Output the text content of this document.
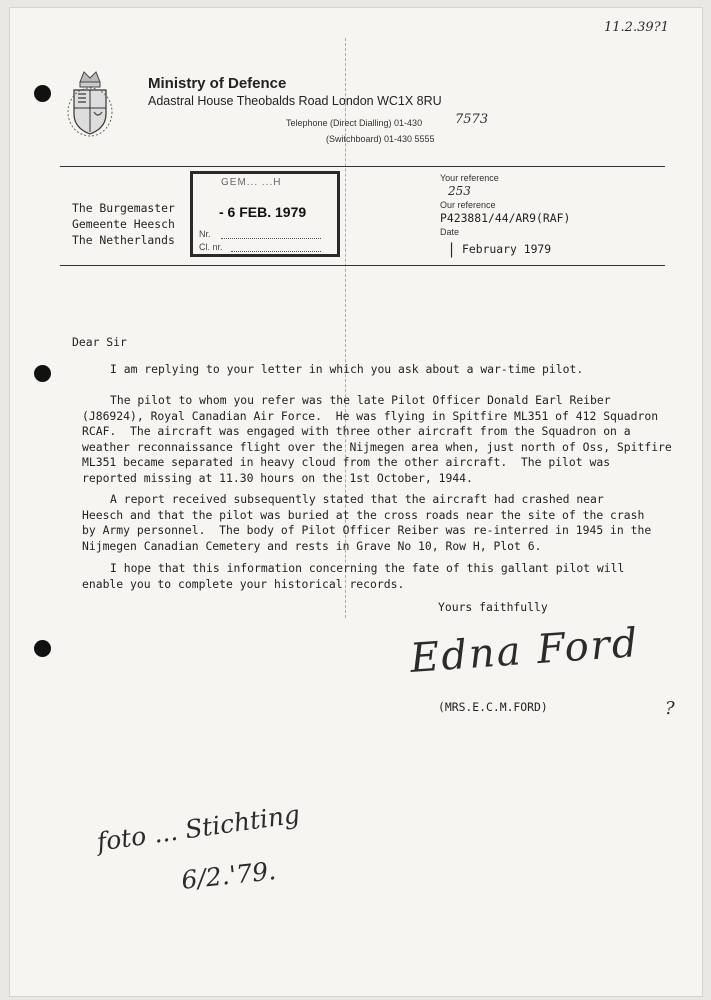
11.2.39?1
Ministry of Defence
Adastral House Theobalds Road London WC1X 8RU
Telephone (Direct Dialling) 01-430	7573
(Switchboard) 01-430 5555
The Burgemaster
Gemeente Heesch
The Netherlands
GEM... ...H
- 6 FEB. 1979
Nr.
Cl. nr.
Your reference
253
Our reference
P423881/44/AR9(RAF)
Date
| February 1979
Dear Sir
I am replying to your letter in which you ask about a war-time pilot.
The pilot to whom you refer was the late Pilot Officer Donald Earl Reiber
(J86924), Royal Canadian Air Force.  He was flying in Spitfire ML351 of 412 Squadron
RCAF.  The aircraft was engaged with three other aircraft from the Squadron on a
weather reconnaissance flight over the Nijmegen area when, just north of Oss, Spitfire
ML351 became separated in heavy cloud from the other aircraft.  The pilot was
reported missing at 11.30 hours on the 1st October, 1944.
A report received subsequently stated that the aircraft had crashed near
Heesch and that the pilot was buried at the cross roads near the site of the crash
by Army personnel.  The body of Pilot Officer Reiber was re-interred in 1945 in the
Nijmegen Canadian Cemetery and rests in Grave No 10, Row H, Plot 6.
I hope that this information concerning the fate of this gallant pilot will
enable you to complete your historical records.
Yours faithfully
Edna Ford
(MRS.E.C.M.FORD)	?
foto ... Stichting
6/2.'79.
